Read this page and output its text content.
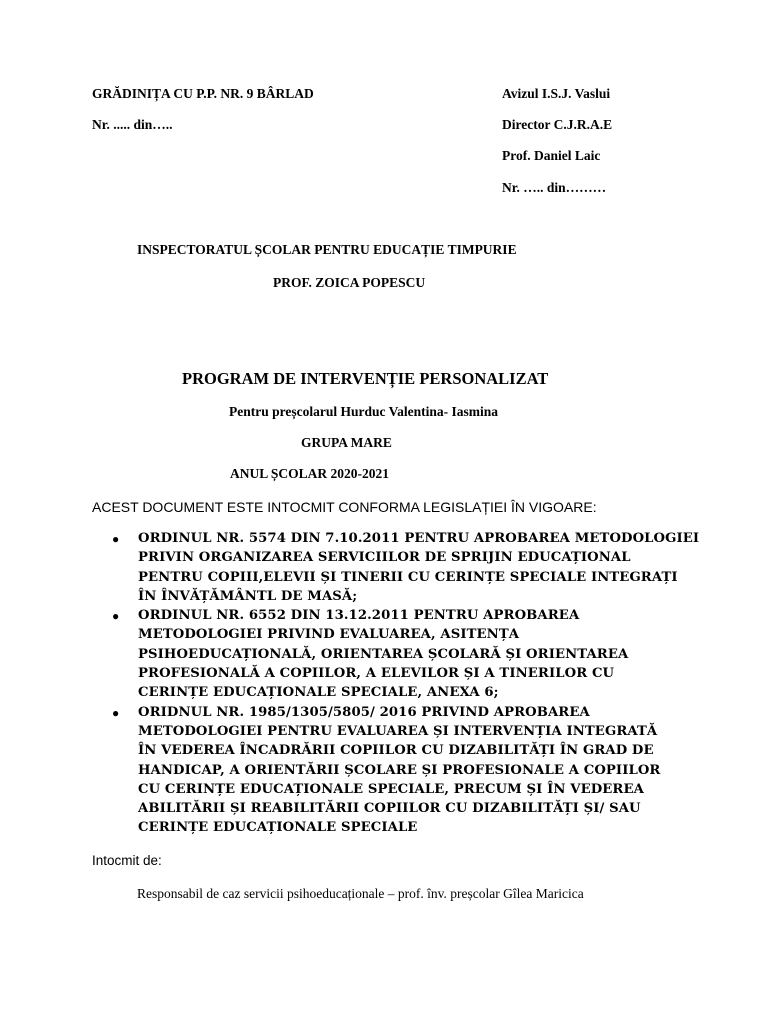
GRĂDINIȚA CU P.P. NR. 9 BÂRLAD
Nr. ..... din…..
Avizul I.S.J. Vaslui
Director C.J.R.A.E
Prof. Daniel Laic
Nr. ….. din………
INSPECTORATUL ȘCOLAR PENTRU EDUCAȚIE TIMPURIE
PROF. ZOICA POPESCU
PROGRAM DE INTERVENȚIE PERSONALIZAT
Pentru preșcolarul Hurduc Valentina- Iasmina
GRUPA MARE
ANUL ȘCOLAR 2020-2021
ACEST DOCUMENT ESTE INTOCMIT CONFORMA LEGISLAȚIEI ÎN VIGOARE:
● ORDINUL NR. 5574 DIN 7.10.2011 PENTRU APROBAREA METODOLOGIEI
PRIVIN ORGANIZAREA SERVICIILOR DE SPRIJIN EDUCAȚIONAL
PENTRU COPIII,ELEVII ȘI TINERII CU CERINȚE SPECIALE INTEGRAȚI
ÎN ÎNVĂȚĂMÂNTL DE MASĂ;
● ORDINUL NR. 6552 DIN 13.12.2011 PENTRU APROBAREA
METODOLOGIEI PRIVIND EVALUAREA, ASITENȚA
PSIHOEDUCAȚIONALĂ, ORIENTAREA ȘCOLARĂ ȘI ORIENTAREA
PROFESIONALĂ A COPIILOR, A ELEVILOR ȘI A TINERILOR CU
CERINȚE EDUCAȚIONALE SPECIALE, ANEXA 6;
● ORIDNUL NR. 1985/1305/5805/ 2016 PRIVIND APROBAREA
METODOLOGIEI PENTRU EVALUAREA ȘI INTERVENȚIA INTEGRATĂ
ÎN VEDEREA ÎNCADRĂRII COPIILOR CU DIZABILITĂȚI ÎN GRAD DE
HANDICAP, A ORIENTĂRII ȘCOLARE ȘI PROFESIONALE A COPIILOR
CU CERINȚE EDUCAȚIONALE SPECIALE, PRECUM ȘI ÎN VEDEREA
ABILITĂRII ȘI REABILITĂRII COPIILOR CU DIZABILITĂȚI ȘI/ SAU
CERINȚE EDUCAȚIONALE SPECIALE
Intocmit de:
Responsabil de caz servicii psihoeducaționale – prof. înv. preșcolar Gîlea Maricica
